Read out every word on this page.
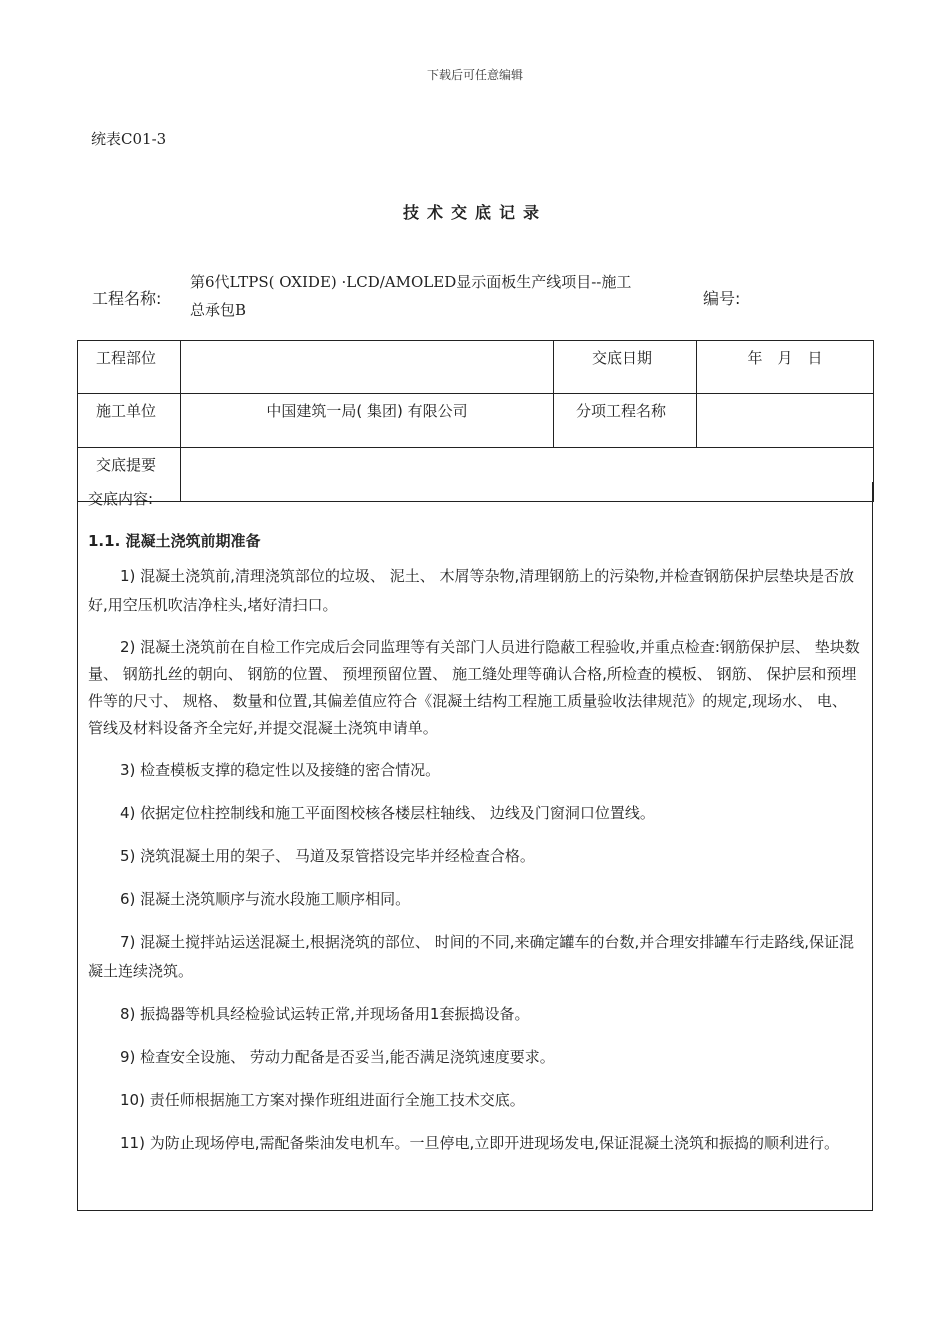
下载后可任意编辑
统表C01-3
技术交底记录
工程名称:
第6代LTPS( OXIDE) ·LCD/AMOLED显示面板生产线项目--施工
总承包B
编号:
工程部位		交底日期	年　月　日
施工单位	中国建筑一局( 集团) 有限公司	分项工程名称	
交底提要			
交底内容:
1.1. 混凝土浇筑前期准备

1) 混凝土浇筑前,清理浇筑部位的垃圾、 泥土、 木屑等杂物,清理钢筋上的污染物,并检查钢筋保护层垫块是否放好,用空压机吹洁净柱头,堵好清扫口。

2) 混凝土浇筑前在自检工作完成后会同监理等有关部门人员进行隐蔽工程验收,并重点检查:钢筋保护层、 垫块数量、 钢筋扎丝的朝向、 钢筋的位置、 预埋预留位置、 施工缝处理等确认合格,所检查的模板、 钢筋、 保护层和预埋件等的尺寸、 规格、 数量和位置,其偏差值应符合《混凝土结构工程施工质量验收法律规范》的规定,现场水、 电、 管线及材料设备齐全完好,并提交混凝土浇筑申请单。

3) 检查模板支撑的稳定性以及接缝的密合情况。

4) 依据定位柱控制线和施工平面图校核各楼层柱轴线、 边线及门窗洞口位置线。

5) 浇筑混凝土用的架子、 马道及泵管搭设完毕并经检查合格。

6) 混凝土浇筑顺序与流水段施工顺序相同。

7) 混凝土搅拌站运送混凝土,根据浇筑的部位、 时间的不同,来确定罐车的台数,并合理安排罐车行走路线,保证混凝土连续浇筑。

8) 振捣器等机具经检验试运转正常,并现场备用1套振捣设备。

9) 检查安全设施、 劳动力配备是否妥当,能否满足浇筑速度要求。

10) 责任师根据施工方案对操作班组进面行全施工技术交底。

11) 为防止现场停电,需配备柴油发电机车。一旦停电,立即开进现场发电,保证混凝土浇筑和振捣的顺利进行。
